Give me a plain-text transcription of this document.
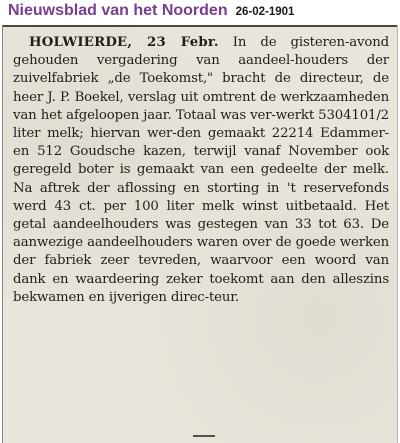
Nieuwsblad van het Noorden 26-02-1901

HOLWIERDE, 23 Febr. In de gisteren-avond gehouden vergadering van aandeel-houders der zuivelfabriek „de Toekomst," bracht de directeur, de heer J. P. Boekel, verslag uit omtrent de werkzaamheden van het afgeloopen jaar. Totaal was ver-werkt 5304101/2 liter melk; hiervan wer-den gemaakt 22214 Edammer- en 512 Goudsche kazen, terwijl vanaf November ook geregeld boter is gemaakt van een gedeelte der melk. Na aftrek der aflossing en storting in 't reservefonds werd 43 ct. per 100 liter melk winst uitbetaald. Het getal aandeelhouders was gestegen van 33 tot 63. De aanwezige aandeelhouders waren over de goede werken der fabriek zeer tevreden, waarvoor een woord van dank en waardeering zeker toekomt aan den alleszins bekwamen en ijverigen direc-teur.
